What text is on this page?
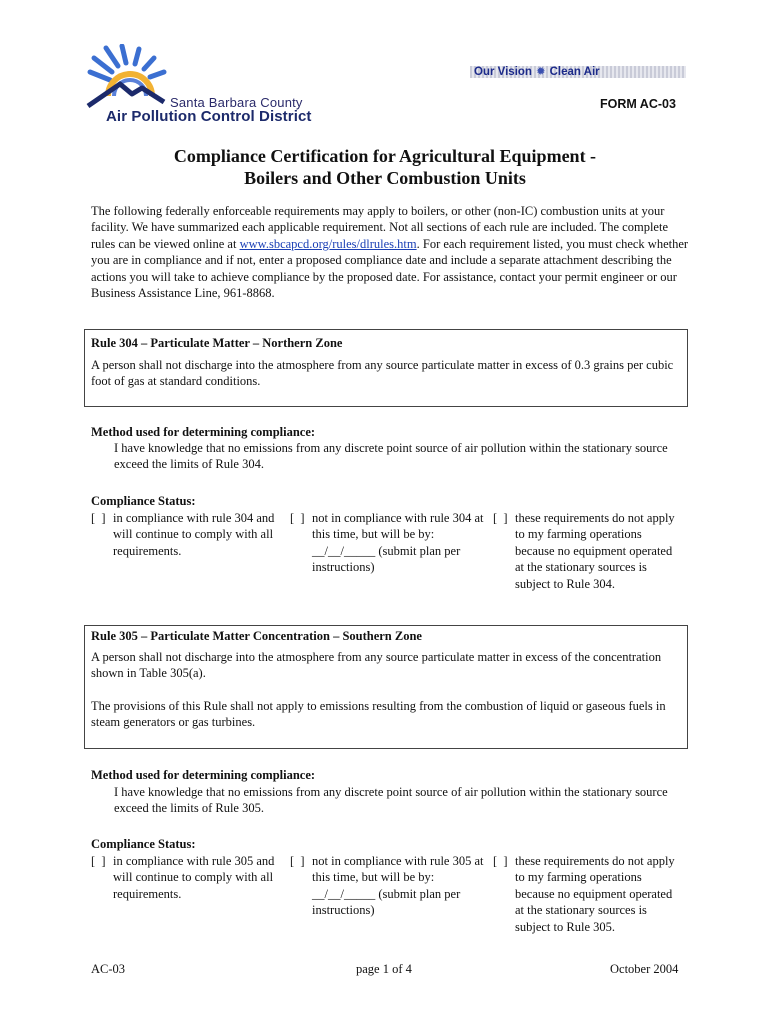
Santa Barbara County
Air Pollution Control District
Our Vision ✹ Clean Air
FORM AC-03
Compliance Certification for Agricultural Equipment -
Boilers and Other Combustion Units
The following federally enforceable requirements may apply to boilers, or other (non-IC) combustion units at your facility. We have summarized each applicable requirement. Not all sections of each rule are included. The complete rules can be viewed online at www.sbcapcd.org/rules/dlrules.htm. For each requirement listed, you must check whether you are in compliance and if not, enter a proposed compliance date and include a separate attachment describing the actions you will take to achieve compliance by the proposed date. For assistance, contact your permit engineer or our Business Assistance Line, 961-8868.
Rule 304 – Particulate Matter – Northern Zone
A person shall not discharge into the atmosphere from any source particulate matter in excess of 0.3 grains per cubic foot of gas at standard conditions.
Method used for determining compliance:
I have knowledge that no emissions from any discrete point source of air pollution within the stationary source exceed the limits of Rule 304.
Compliance Status:
[  ] in compliance with rule 304 and will continue to comply with all requirements.
[  ] not in compliance with rule 304 at this time, but will be by: __/__/_____ (submit plan per instructions)
[  ] these requirements do not apply to my farming operations because no equipment operated at the stationary sources is subject to Rule 304.
Rule 305 – Particulate Matter Concentration – Southern Zone
A person shall not discharge into the atmosphere from any source particulate matter in excess of the concentration shown in Table 305(a).
The provisions of this Rule shall not apply to emissions resulting from the combustion of liquid or gaseous fuels in steam generators or gas turbines.
Method used for determining compliance:
I have knowledge that no emissions from any discrete point source of air pollution within the stationary source exceed the limits of Rule 305.
Compliance Status:
[  ] in compliance with rule 305 and will continue to comply with all requirements.
[  ] not in compliance with rule 305 at this time, but will be by: __/__/_____ (submit plan per instructions)
[  ] these requirements do not apply to my farming operations because no equipment operated at the stationary sources is subject to Rule 305.
AC-03	page 1 of 4	October 2004
